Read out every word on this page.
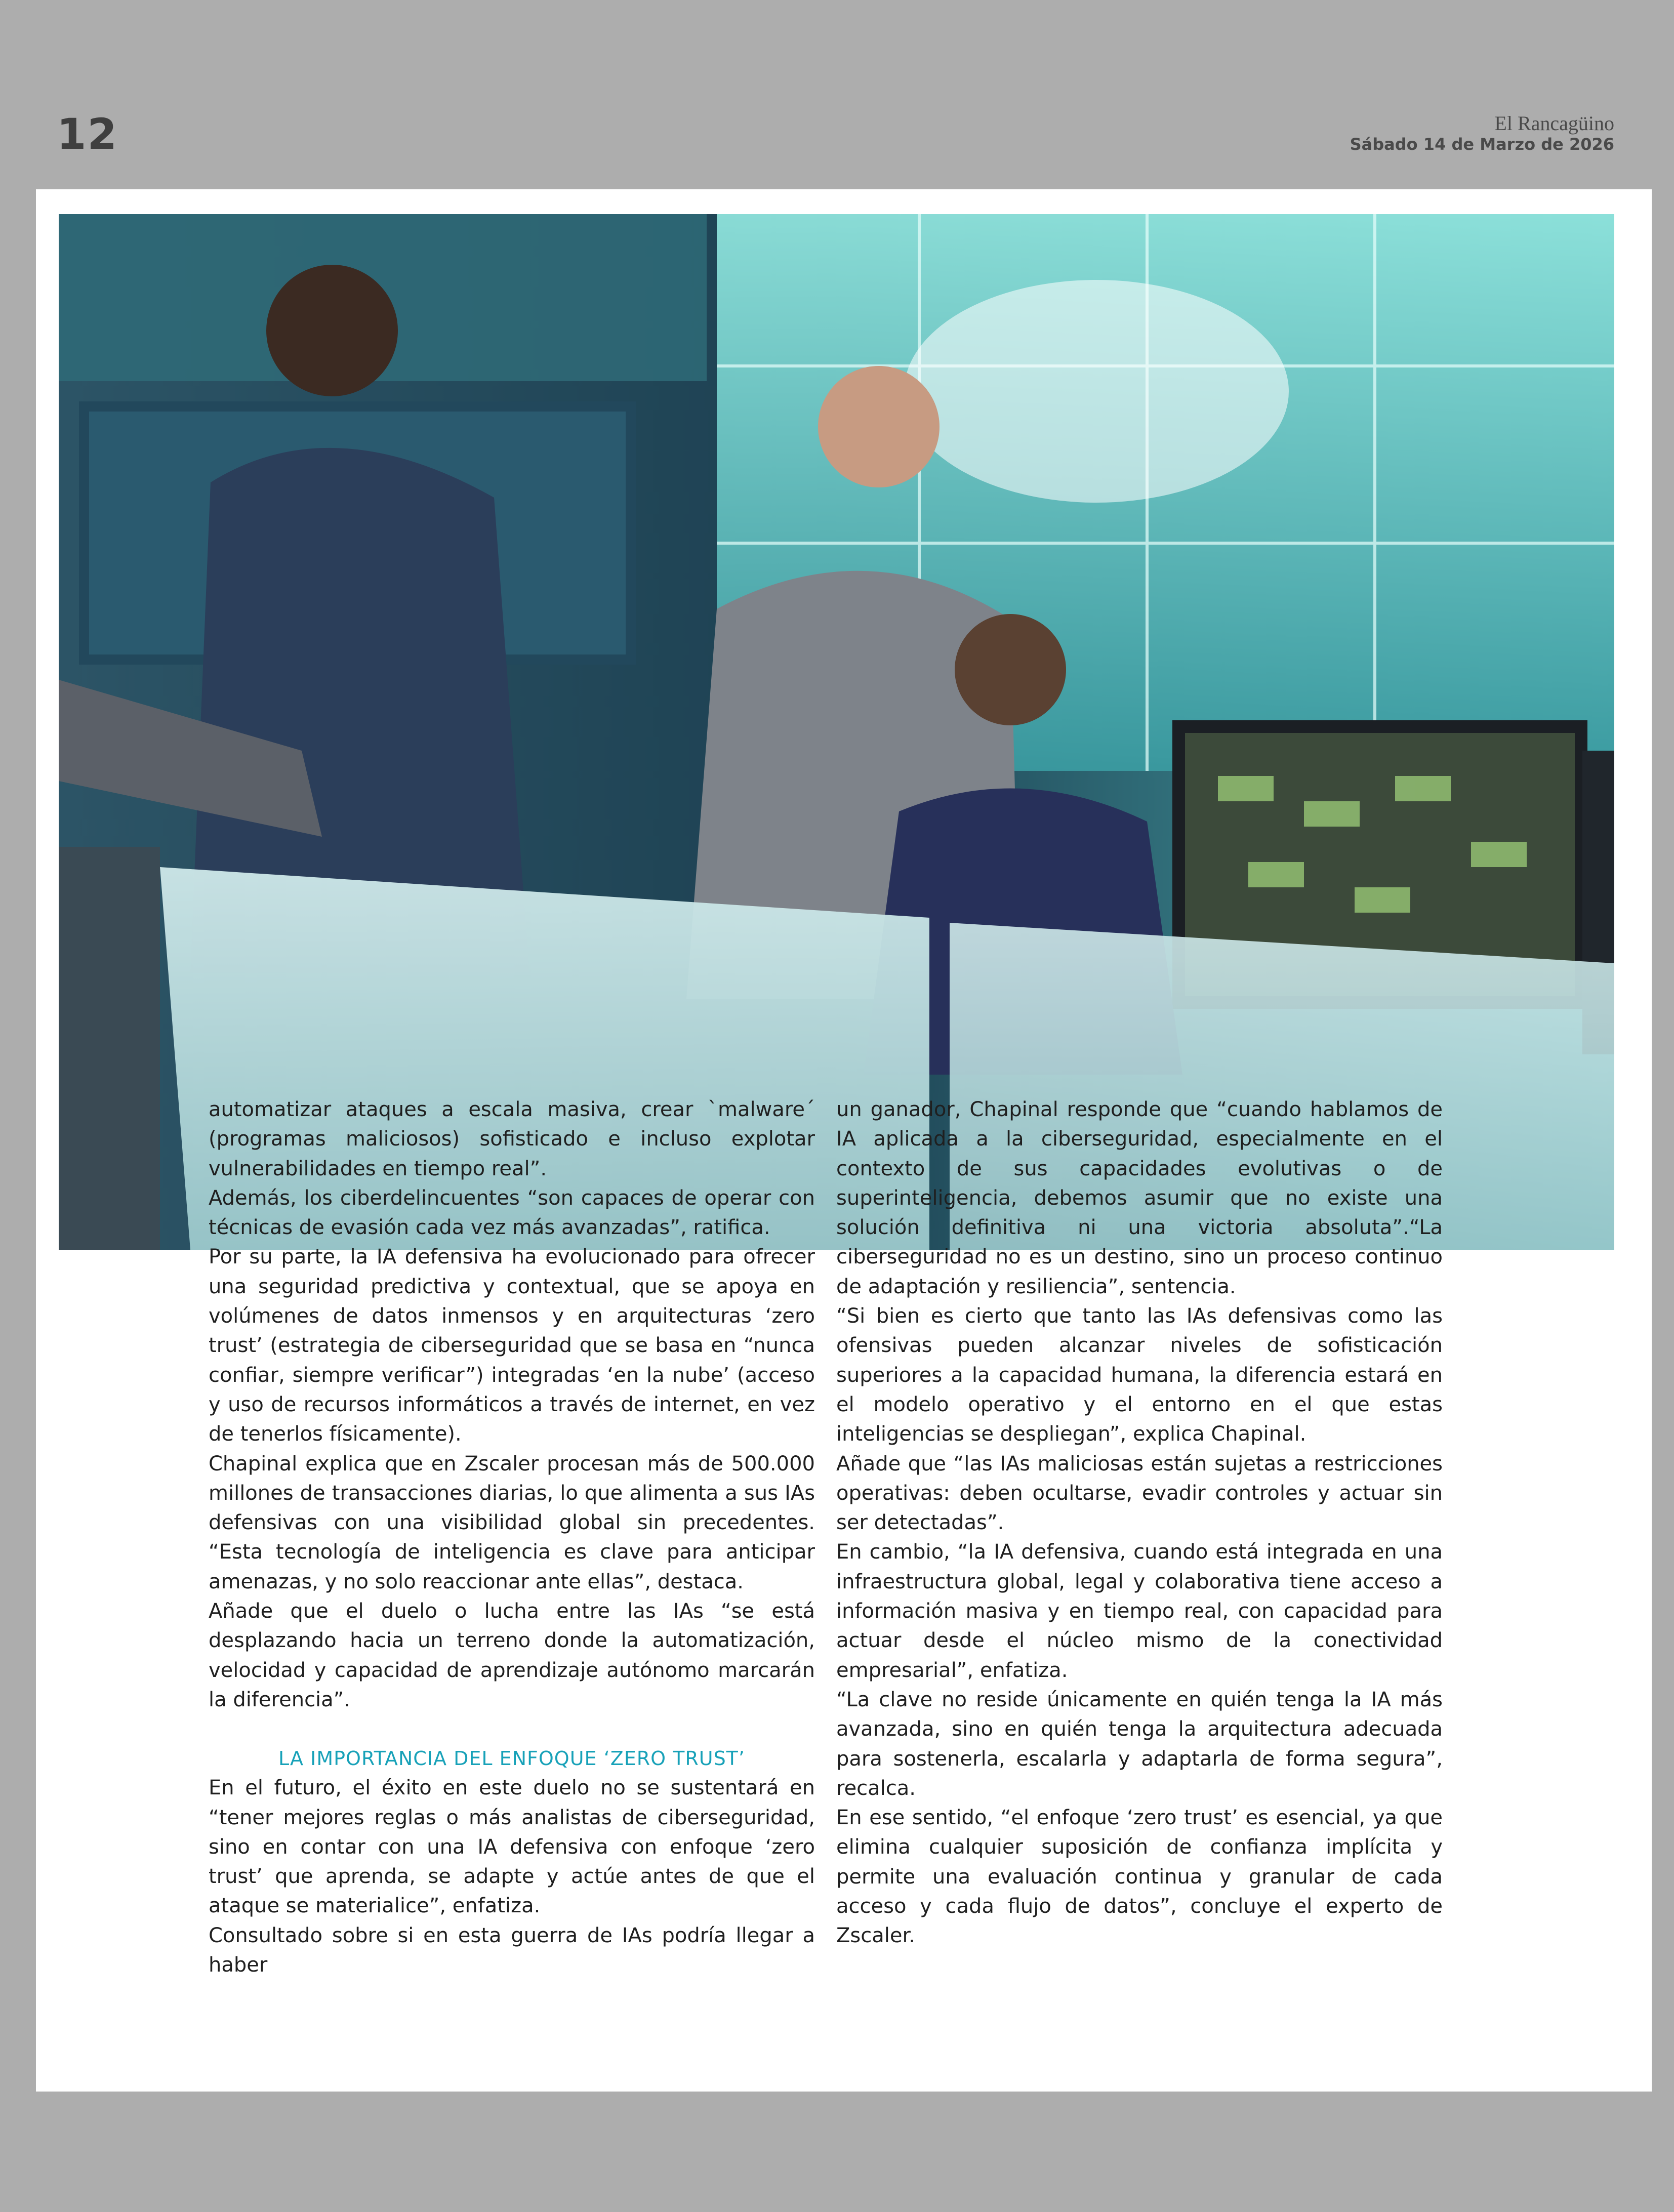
12	El Rancagüino
Sábado 14 de Marzo de 2026

automatizar ataques a escala masiva, crear `malware´ (programas maliciosos) sofisticado e incluso explotar vulnerabilidades en tiempo real”.

Además, los ciberdelincuentes “son capaces de operar con técnicas de evasión cada vez más avanzadas”, ratifica.

Por su parte, la IA defensiva ha evolucionado para ofrecer una seguridad predictiva y contextual, que se apoya en volúmenes de datos inmensos y en arquitecturas ‘zero trust’ (estrategia de ciberseguridad que se basa en “nunca confiar, siempre verificar”) integradas ‘en la nube’ (acceso y uso de recursos informáticos a través de internet, en vez de tenerlos físicamente).

Chapinal explica que en Zscaler procesan más de 500.000 millones de transacciones diarias, lo que alimenta a sus IAs defensivas con una visibilidad global sin precedentes. “Esta tecnología de inteligencia es clave para anticipar amenazas, y no solo reaccionar ante ellas”, destaca.

Añade que el duelo o lucha entre las IAs “se está desplazando hacia un terreno donde la automatización, velocidad y capacidad de aprendizaje autónomo marcarán la diferencia”.

LA IMPORTANCIA DEL ENFOQUE ‘ZERO TRUST’

En el futuro, el éxito en este duelo no se sustentará en “tener mejores reglas o más analistas de ciberseguridad, sino en contar con una IA defensiva con enfoque ‘zero trust’ que aprenda, se adapte y actúe antes de que el ataque se materialice”, enfatiza.

Consultado sobre si en esta guerra de IAs podría llegar a haber

un ganador, Chapinal responde que “cuando hablamos de IA aplicada a la ciberseguridad, especialmente en el contexto de sus capacidades evolutivas o de superinteligencia, debemos asumir que no existe una solución definitiva ni una victoria absoluta”.“La ciberseguridad no es un destino, sino un proceso continuo de adaptación y resiliencia”, sentencia.

“Si bien es cierto que tanto las IAs defensivas como las ofensivas pueden alcanzar niveles de sofisticación superiores a la capacidad humana, la diferencia estará en el modelo operativo y el entorno en el que estas inteligencias se despliegan”, explica Chapinal.

Añade que “las IAs maliciosas están sujetas a restricciones operativas: deben ocultarse, evadir controles y actuar sin ser detectadas”.

En cambio, “la IA defensiva, cuando está integrada en una infraestructura global, legal y colaborativa tiene acceso a información masiva y en tiempo real, con capacidad para actuar desde el núcleo mismo de la conectividad empresarial”, enfatiza.

“La clave no reside únicamente en quién tenga la IA más avanzada, sino en quién tenga la arquitectura adecuada para sostenerla, escalarla y adaptarla de forma segura”, recalca.

En ese sentido, “el enfoque ‘zero trust’ es esencial, ya que elimina cualquier suposición de confianza implícita y permite una evaluación continua y granular de cada acceso y cada flujo de datos”, concluye el experto de Zscaler.
